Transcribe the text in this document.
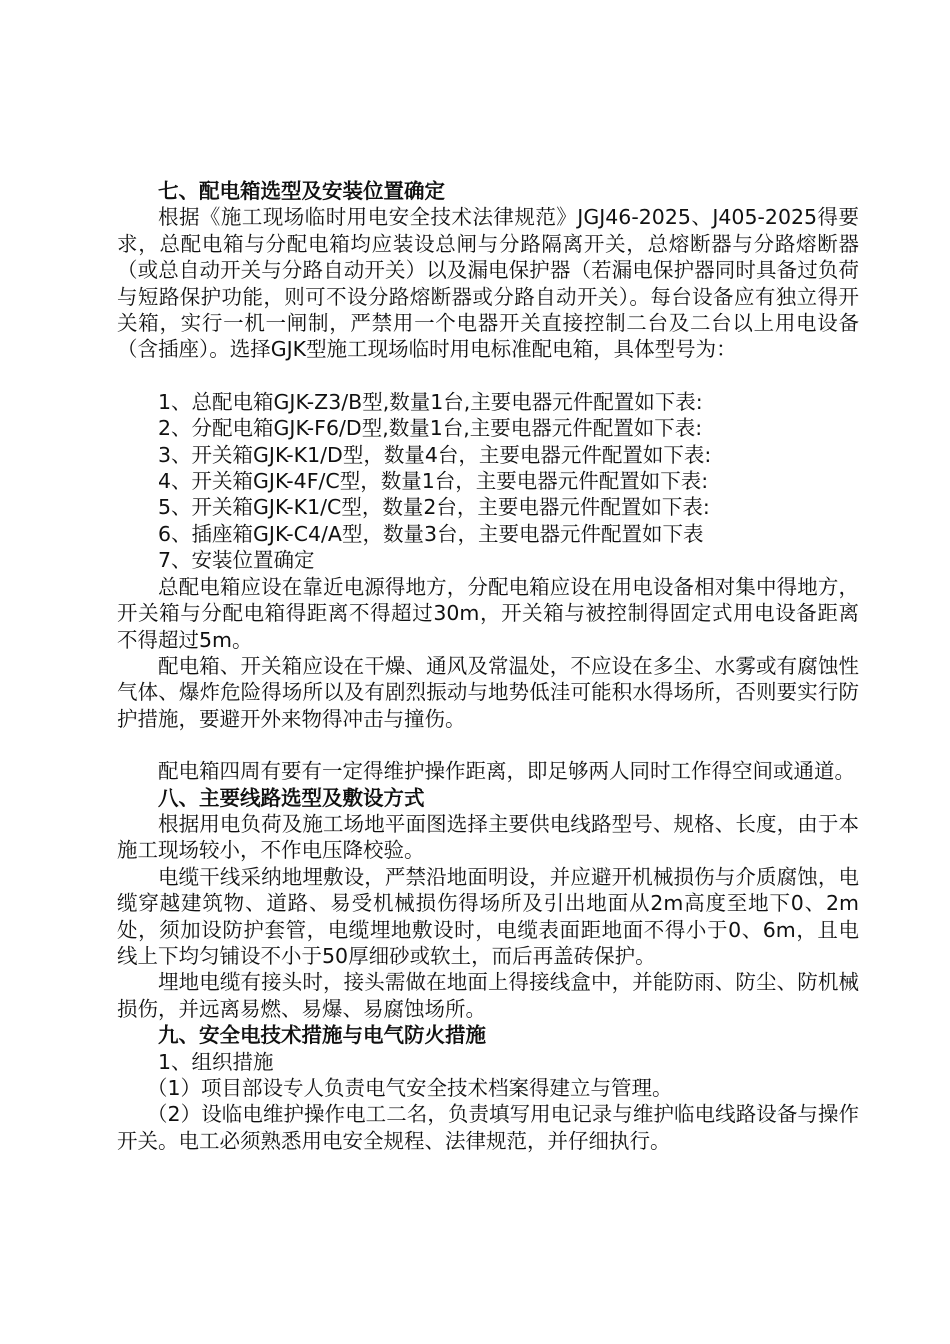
七、配电箱选型及安装位置确定

根据《施工现场临时用电安全技术法律规范》JGJ46-2025、J405-2025得要求，总配电箱与分配电箱均应装设总闸与分路隔离开关，总熔断器与分路熔断器（或总自动开关与分路自动开关）以及漏电保护器（若漏电保护器同时具备过负荷与短路保护功能，则可不设分路熔断器或分路自动开关）。每台设备应有独立得开关箱，实行一机一闸制，严禁用一个电器开关直接控制二台及二台以上用电设备（含插座）。选择GJK型施工现场临时用电标准配电箱，具体型号为：

1、总配电箱GJK-Z3/B型,数量1台,主要电器元件配置如下表:

2、分配电箱GJK-F6/D型,数量1台,主要电器元件配置如下表:

3、开关箱GJK-K1/D型，数量4台，主要电器元件配置如下表:

4、开关箱GJK-4F/C型，数量1台，主要电器元件配置如下表:

5、开关箱GJK-K1/C型，数量2台，主要电器元件配置如下表:

6、插座箱GJK-C4/A型，数量3台，主要电器元件配置如下表

7、安装位置确定

总配电箱应设在靠近电源得地方，分配电箱应设在用电设备相对集中得地方，开关箱与分配电箱得距离不得超过30m，开关箱与被控制得固定式用电设备距离不得超过5m。

配电箱、开关箱应设在干燥、通风及常温处，不应设在多尘、水雾或有腐蚀性气体、爆炸危险得场所以及有剧烈振动与地势低洼可能积水得场所，否则要实行防护措施，要避开外来物得冲击与撞伤。

配电箱四周有要有一定得维护操作距离，即足够两人同时工作得空间或通道。

八、主要线路选型及敷设方式

根据用电负荷及施工场地平面图选择主要供电线路型号、规格、长度，由于本施工现场较小，不作电压降校验。

电缆干线采纳地埋敷设，严禁沿地面明设，并应避开机械损伤与介质腐蚀，电缆穿越建筑物、道路、易受机械损伤得场所及引出地面从2m高度至地下0、2m处，须加设防护套管，电缆埋地敷设时，电缆表面距地面不得小于0、6m，且电线上下均匀铺设不小于50厚细砂或软土，而后再盖砖保护。

埋地电缆有接头时，接头需做在地面上得接线盒中，并能防雨、防尘、防机械损伤，并远离易燃、易爆、易腐蚀场所。

九、安全电技术措施与电气防火措施

1、组织措施

（1）项目部设专人负责电气安全技术档案得建立与管理。

（2）设临电维护操作电工二名，负责填写用电记录与维护临电线路设备与操作开关。电工必须熟悉用电安全规程、法律规范，并仔细执行。
